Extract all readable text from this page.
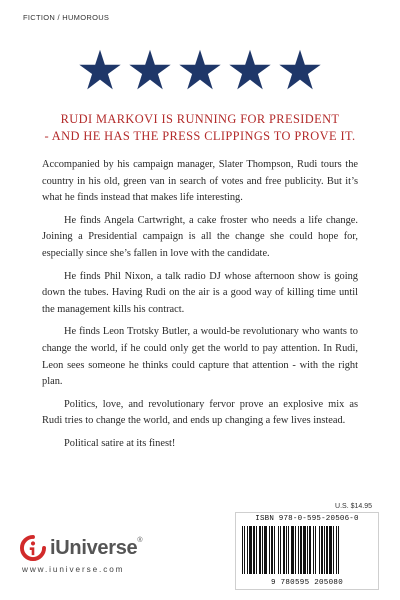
FICTION / HUMOROUS
RUDI MARKOVI IS RUNNING FOR PRESIDENT
- AND HE HAS THE PRESS CLIPPINGS TO PROVE IT.

Accompanied by his campaign manager, Slater Thompson, Rudi tours the country in his old, green van in search of votes and free publicity. But it’s what he finds instead that makes life interesting.

He finds Angela Cartwright, a cake froster who needs a life change. Joining a Presidential campaign is all the change she could hope for, especially since she’s fallen in love with the candidate.

He finds Phil Nixon, a talk radio DJ whose afternoon show is going down the tubes. Having Rudi on the air is a good way of killing time until the management kills his contract.

He finds Leon Trotsky Butler, a would-be revolutionary who wants to change the world, if he could only get the world to pay attention. In Rudi, Leon sees someone he thinks could capture that attention - with the right plan.

Politics, love, and revolutionary fervor prove an explosive mix as Rudi tries to change the world, and ends up changing a few lives instead.

Political satire at its finest!

U.S. $14.95
ISBN 978-0-595-20506-0
9 780595 205080
iUniverse®
www.iuniverse.com
